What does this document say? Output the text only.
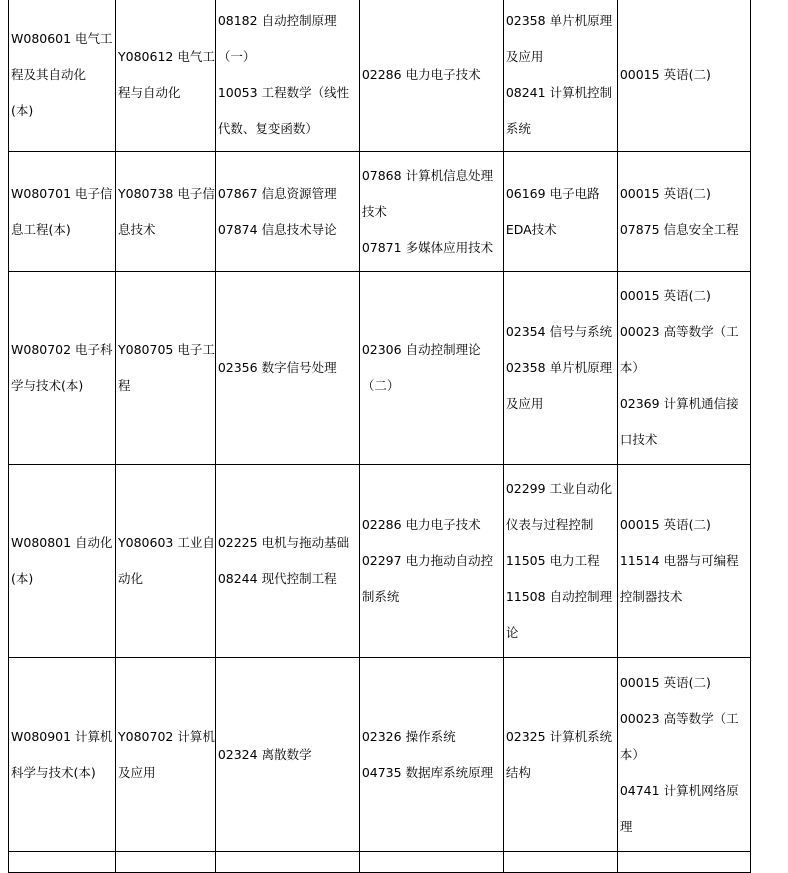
W080601 电气工
程及其自动化
(本)	Y080612 电气工
程与自动化	08182 自动控制原理
（一）
10053 工程数学（线性
代数、复变函数）	02286 电力电子技术	02358 单片机原理
及应用
08241 计算机控制
系统	00015 英语(二)

W080701 电子信
息工程(本)	Y080738 电子信
息技术	07867 信息资源管理
07874 信息技术导论	07868 计算机信息处理
技术
07871 多媒体应用技术	06169 电子电路
EDA技术	00015 英语(二)
07875 信息安全工程

W080702 电子科
学与技术(本)	Y080705 电子工
程	02356 数字信号处理	02306 自动控制理论
（二）	02354 信号与系统
02358 单片机原理
及应用	00015 英语(二)
00023 高等数学（工
本）
02369 计算机通信接
口技术

W080801 自动化
(本)	Y080603 工业自
动化	02225 电机与拖动基础
08244 现代控制工程	02286 电力电子技术
02297 电力拖动自动控
制系统	02299 工业自动化
仪表与过程控制
11505 电力工程
11508 自动控制理
论	00015 英语(二)
11514 电器与可编程
控制器技术

W080901 计算机
科学与技术(本)	Y080702 计算机
及应用	02324 离散数学	02326 操作系统
04735 数据库系统原理	02325 计算机系统
结构	00015 英语(二)
00023 高等数学（工
本）
04741 计算机网络原
理
